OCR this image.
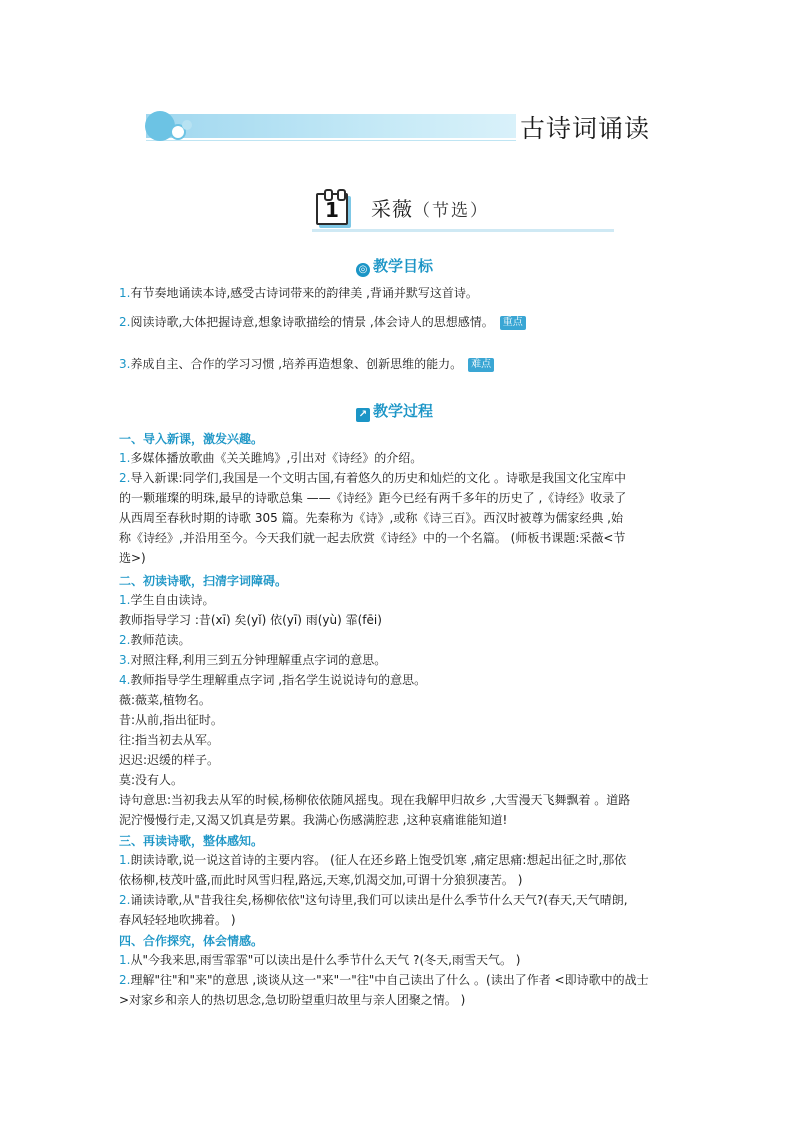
古诗词诵读
1	采薇（节选）
◎ 教学目标
1.有节奏地诵读本诗,感受古诗词带来的韵律美 ,背诵并默写这首诗。
2.阅读诗歌,大体把握诗意,想象诗歌描绘的情景 ,体会诗人的思想感情。 重点
3.养成自主、合作的学习习惯 ,培养再造想象、创新思维的能力。 难点
↗ 教学过程
一、导入新课，激发兴趣。
1.多媒体播放歌曲《关关雎鸠》,引出对《诗经》的介绍。
2.导入新课:同学们,我国是一个文明古国,有着悠久的历史和灿烂的文化 。诗歌是我国文化宝库中
的一颗璀璨的明珠,最早的诗歌总集 ——《诗经》距今已经有两千多年的历史了 ,《诗经》收录了
从西周至春秋时期的诗歌 305 篇。先秦称为《诗》,或称《诗三百》。西汉时被尊为儒家经典 ,始
称《诗经》,并沿用至今。今天我们就一起去欣赏《诗经》中的一个名篇。 (师板书课题:采薇<节
选>)
二、初读诗歌，扫清字词障碍。
1.学生自由读诗。
教师指导学习 :昔(xī) 矣(yǐ) 依(yī) 雨(yù) 霏(fēi)
2.教师范读。
3.对照注释,利用三到五分钟理解重点字词的意思。
4.教师指导学生理解重点字词 ,指名学生说说诗句的意思。
薇:薇菜,植物名。
昔:从前,指出征时。
往:指当初去从军。
迟迟:迟缓的样子。
莫:没有人。
诗句意思:当初我去从军的时候,杨柳依依随风摇曳。现在我解甲归故乡 ,大雪漫天飞舞飘着 。道路
泥泞慢慢行走,又渴又饥真是劳累。我满心伤感满腔悲 ,这种哀痛谁能知道!
三、再读诗歌，整体感知。
1.朗读诗歌,说一说这首诗的主要内容。 (征人在还乡路上饱受饥寒 ,痛定思痛:想起出征之时,那依
依杨柳,枝茂叶盛,而此时风雪归程,路远,天寒,饥渴交加,可谓十分狼狈凄苦。 )
2.诵读诗歌,从"昔我往矣,杨柳依依"这句诗里,我们可以读出是什么季节什么天气?(春天,天气晴朗,
春风轻轻地吹拂着。 )
四、合作探究，体会情感。
1.从"今我来思,雨雪霏霏"可以读出是什么季节什么天气 ?(冬天,雨雪天气。 )
2.理解"往"和"来"的意思 ,谈谈从这一"来"一"往"中自己读出了什么 。(读出了作者 <即诗歌中的战士
>对家乡和亲人的热切思念,急切盼望重归故里与亲人团聚之情。 )
